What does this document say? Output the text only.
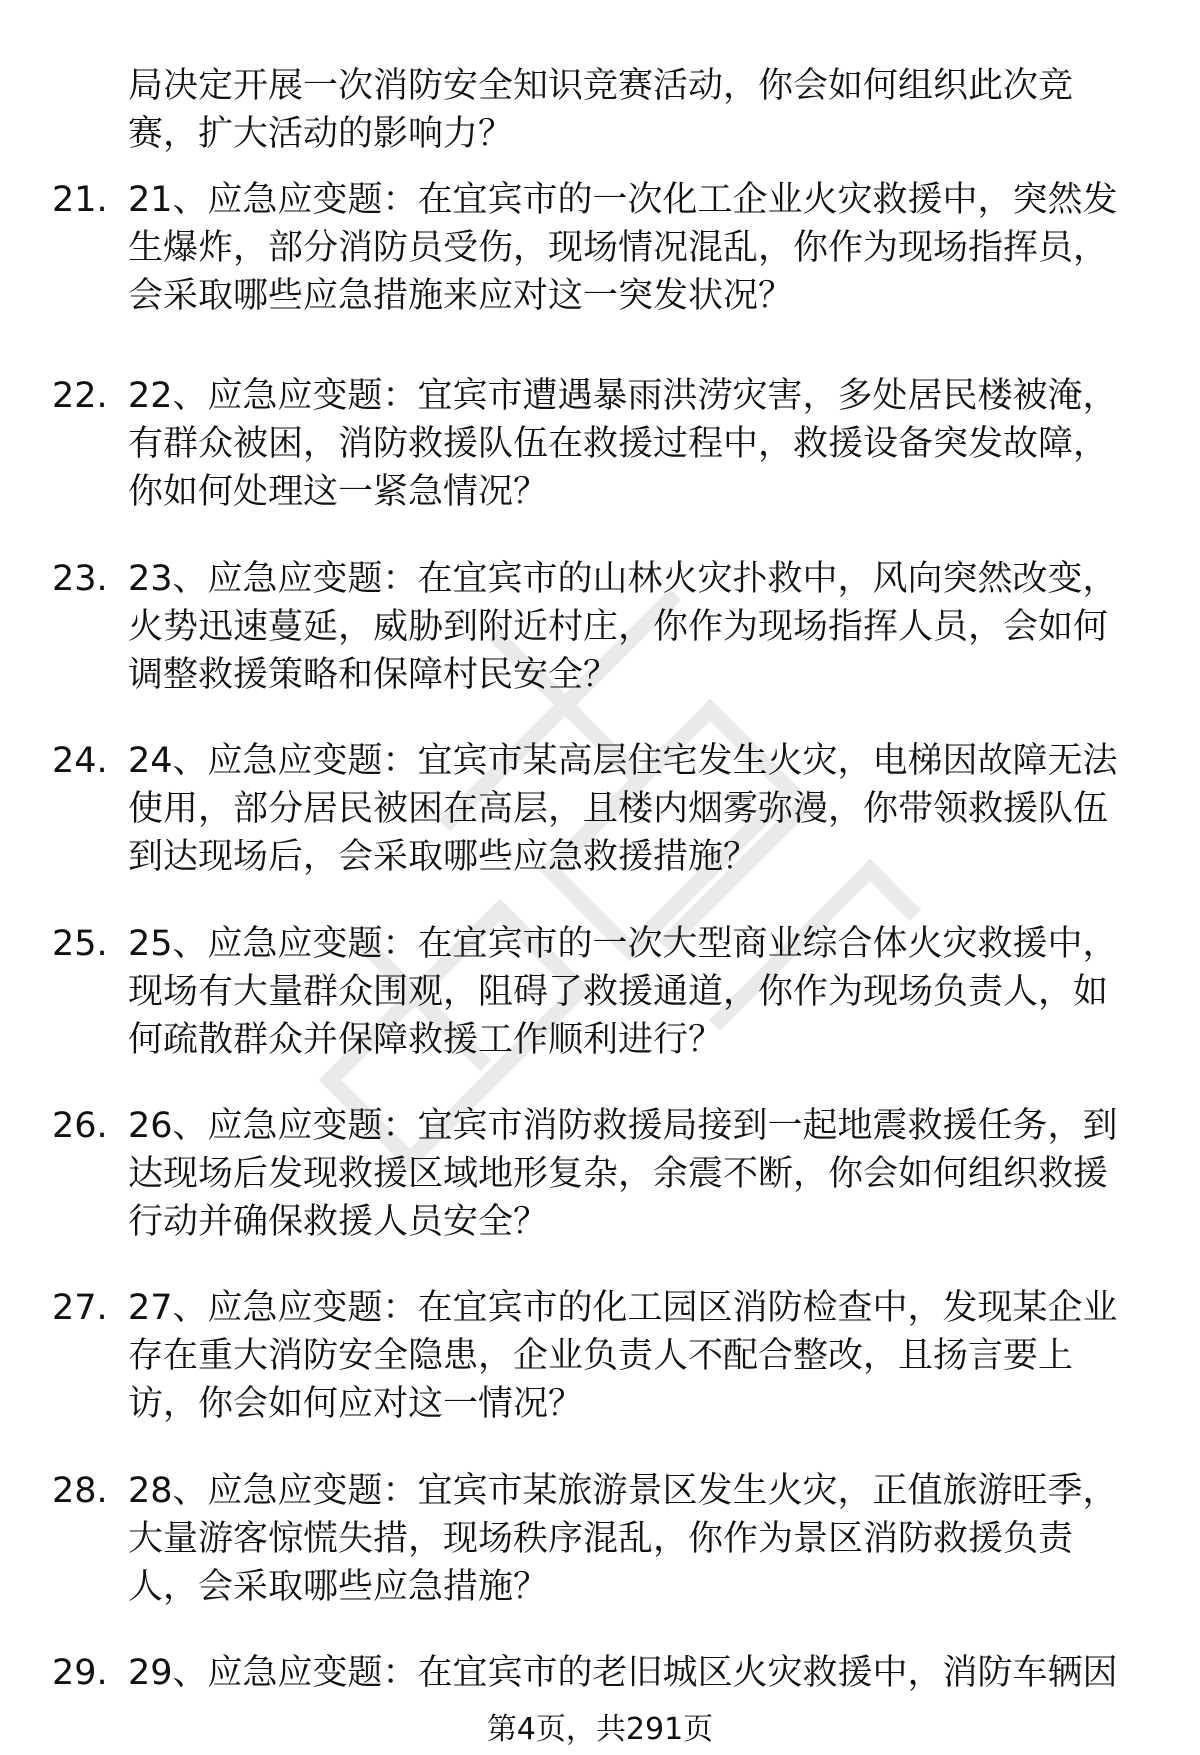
局决定开展一次消防安全知识竞赛活动，你会如何组织此次竞赛，扩大活动的影响力？
21. 21、应急应变题：在宜宾市的一次化工企业火灾救援中，突然发生爆炸，部分消防员受伤，现场情况混乱，你作为现场指挥员，会采取哪些应急措施来应对这一突发状况？
22. 22、应急应变题：宜宾市遭遇暴雨洪涝灾害，多处居民楼被淹，有群众被困，消防救援队伍在救援过程中，救援设备突发故障，你如何处理这一紧急情况？
23. 23、应急应变题：在宜宾市的山林火灾扑救中，风向突然改变，火势迅速蔓延，威胁到附近村庄，你作为现场指挥人员，会如何调整救援策略和保障村民安全？
24. 24、应急应变题：宜宾市某高层住宅发生火灾，电梯因故障无法使用，部分居民被困在高层，且楼内烟雾弥漫，你带领救援队伍到达现场后，会采取哪些应急救援措施？
25. 25、应急应变题：在宜宾市的一次大型商业综合体火灾救援中，现场有大量群众围观，阻碍了救援通道，你作为现场负责人，如何疏散群众并保障救援工作顺利进行？
26. 26、应急应变题：宜宾市消防救援局接到一起地震救援任务，到达现场后发现救援区域地形复杂，余震不断，你会如何组织救援行动并确保救援人员安全？
27. 27、应急应变题：在宜宾市的化工园区消防检查中，发现某企业存在重大消防安全隐患，企业负责人不配合整改，且扬言要上访，你会如何应对这一情况？
28. 28、应急应变题：宜宾市某旅游景区发生火灾，正值旅游旺季，大量游客惊慌失措，现场秩序混乱，你作为景区消防救援负责人，会采取哪些应急措施？
29. 29、应急应变题：在宜宾市的老旧城区火灾救援中，消防车辆因
第4页，共291页
